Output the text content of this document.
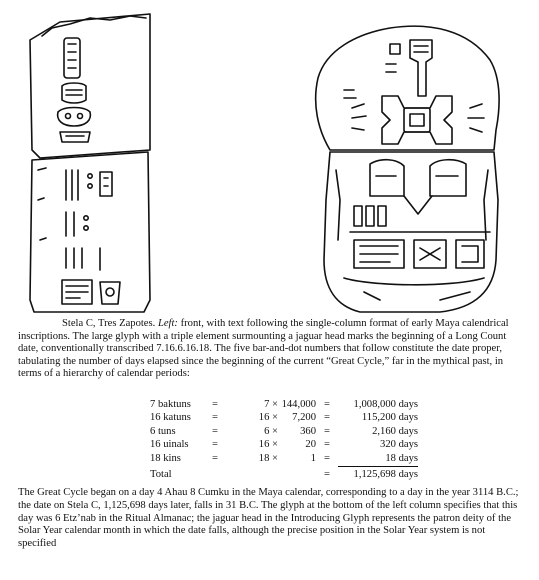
Stela C, Tres Zapotes. Left: front, with text following the single-column format of early Maya calendrical inscriptions. The large glyph with a triple element surmounting a jaguar head marks the beginning of a Long Count date, conventionally transcribed 7.16.6.16.18. The five bar-and-dot numbers that follow constitute the date proper, tabulating the number of days elapsed since the beginning of the current “Great Cycle,” far in the mythical past, in terms of a hierarchy of calendar periods:

7 baktuns	=	7 ×	144,000	=	1,008,000 days
16 katuns	=	16 ×	7,200	=	115,200 days
6 tuns	=	6 ×	360	=	2,160 days
16 uinals	=	16 ×	20	=	320 days
18 kins	=	18 ×	1	=	18 days
Total				=	1,125,698 days

The Great Cycle began on a day 4 Ahau 8 Cumku in the Maya calendar, corresponding to a day in the year 3114 B.C.; the date on Stela C, 1,125,698 days later, falls in 31 B.C. The glyph at the bottom of the left column specifies that this day was 6 Etz’nab in the Ritual Almanac; the jaguar head in the Introducing Glyph represents the patron deity of the Solar Year calendar month in which the date falls, although the precise position in the Solar Year system is not specified
